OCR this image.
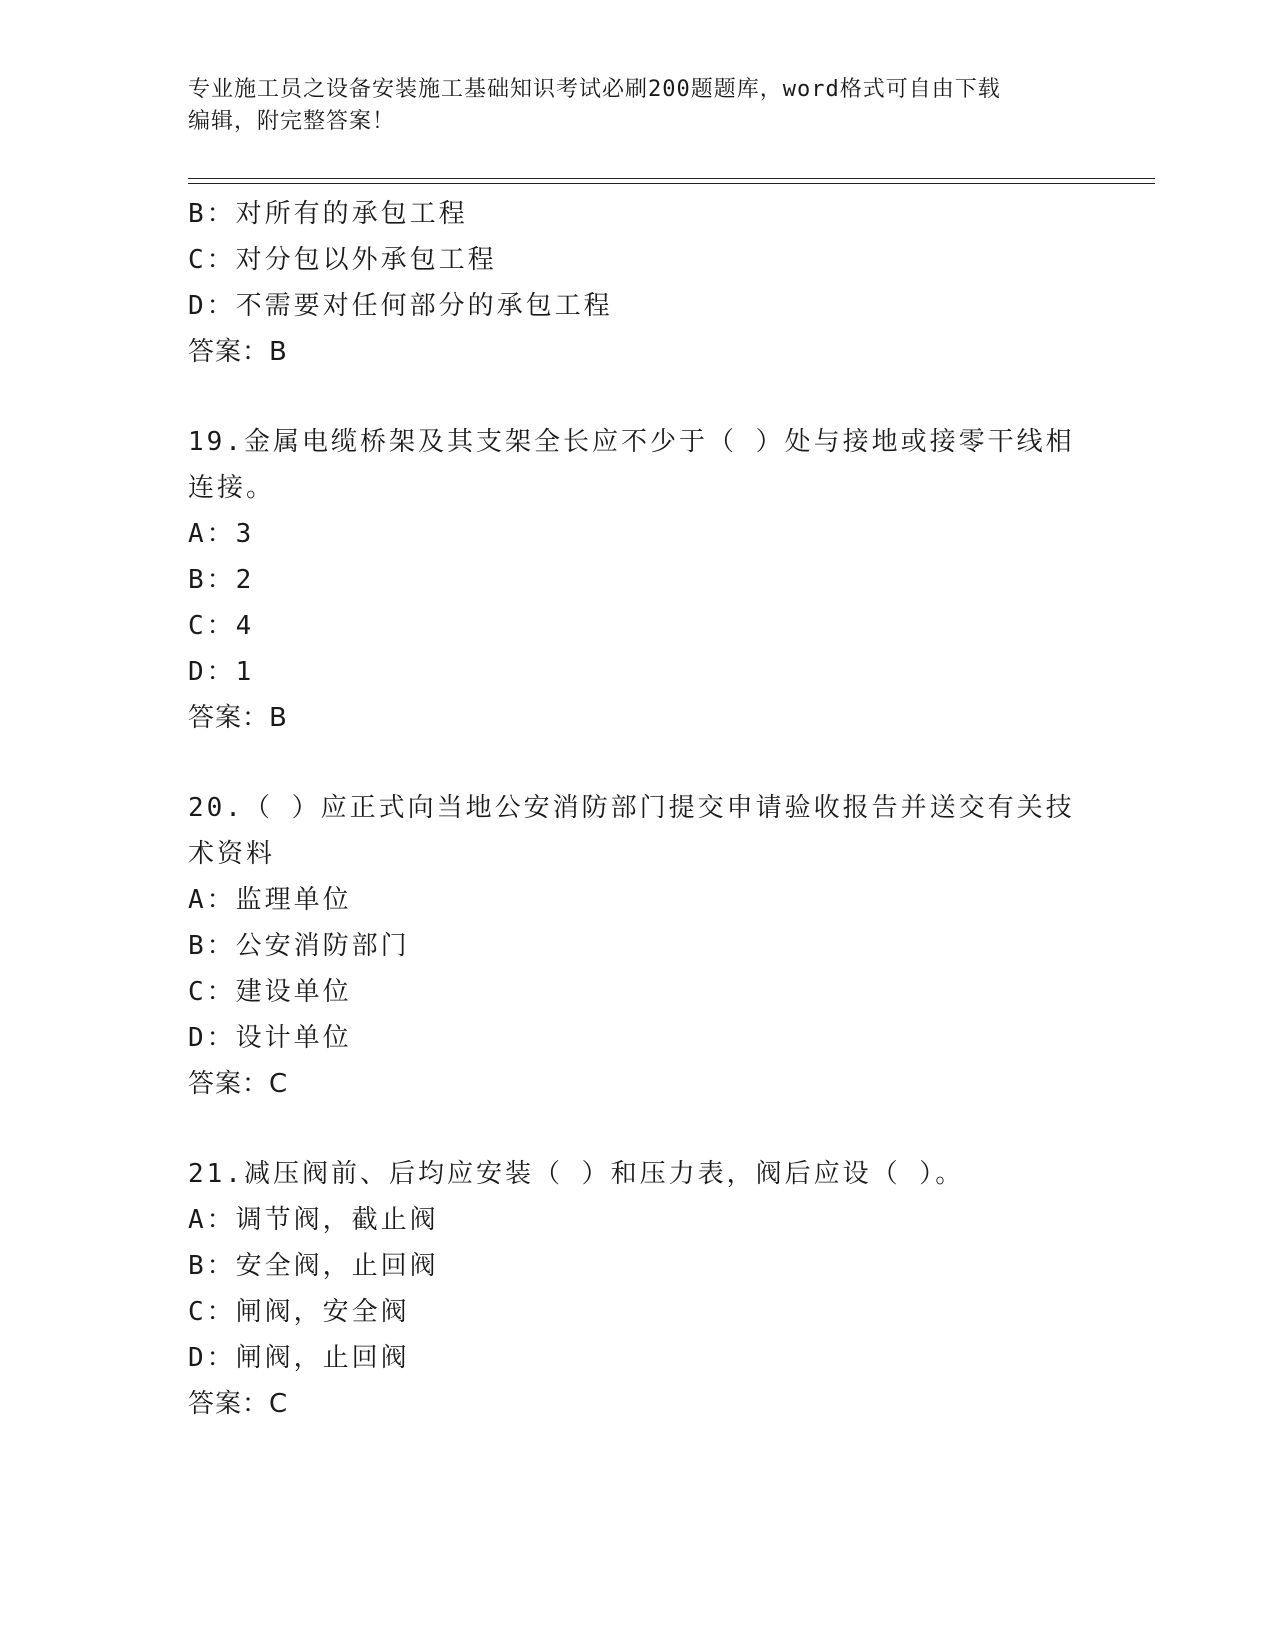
专业施工员之设备安装施工基础知识考试必刷200题题库，word格式可自由下载
编辑，附完整答案！
B：对所有的承包工程
C：对分包以外承包工程
D：不需要对任何部分的承包工程
答案：B
19.金属电缆桥架及其支架全长应不少于（ ）处与接地或接零干线相
连接。
A：3
B：2
C：4
D：1
答案：B
20.（ ）应正式向当地公安消防部门提交申请验收报告并送交有关技
术资料
A：监理单位
B：公安消防部门
C：建设单位
D：设计单位
答案：C
21.减压阀前、后均应安装（ ）和压力表，阀后应设（ ）。
A：调节阀，截止阀
B：安全阀，止回阀
C：闸阀，安全阀
D：闸阀，止回阀
答案：C
